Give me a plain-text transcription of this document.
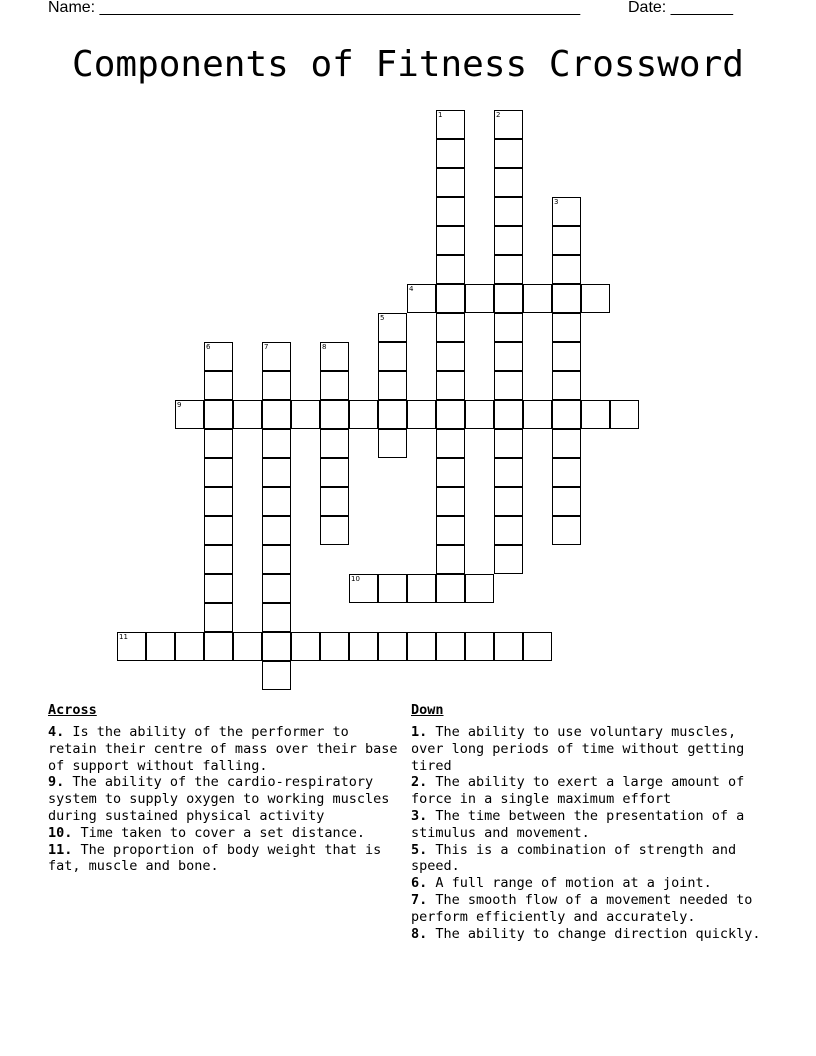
Name: ______________________________________________________	Date: _______
Components of Fitness Crossword
1	2
3
4
5
6	7	8
9
10
11
Across

4. Is the ability of the performer to retain their centre of mass over their base of support without falling.

9. The ability of the cardio-respiratory system to supply oxygen to working muscles during sustained physical activity

10. Time taken to cover a set distance.

11. The proportion of body weight that is fat, muscle and bone.

Down

1. The ability to use voluntary muscles, over long periods of time without getting tired

2. The ability to exert a large amount of force in a single maximum effort

3. The time between the presentation of a stimulus and movement.

5. This is a combination of strength and speed.

6. A full range of motion at a joint.

7. The smooth flow of a movement needed to perform efficiently and accurately.

8. The ability to change direction quickly.
